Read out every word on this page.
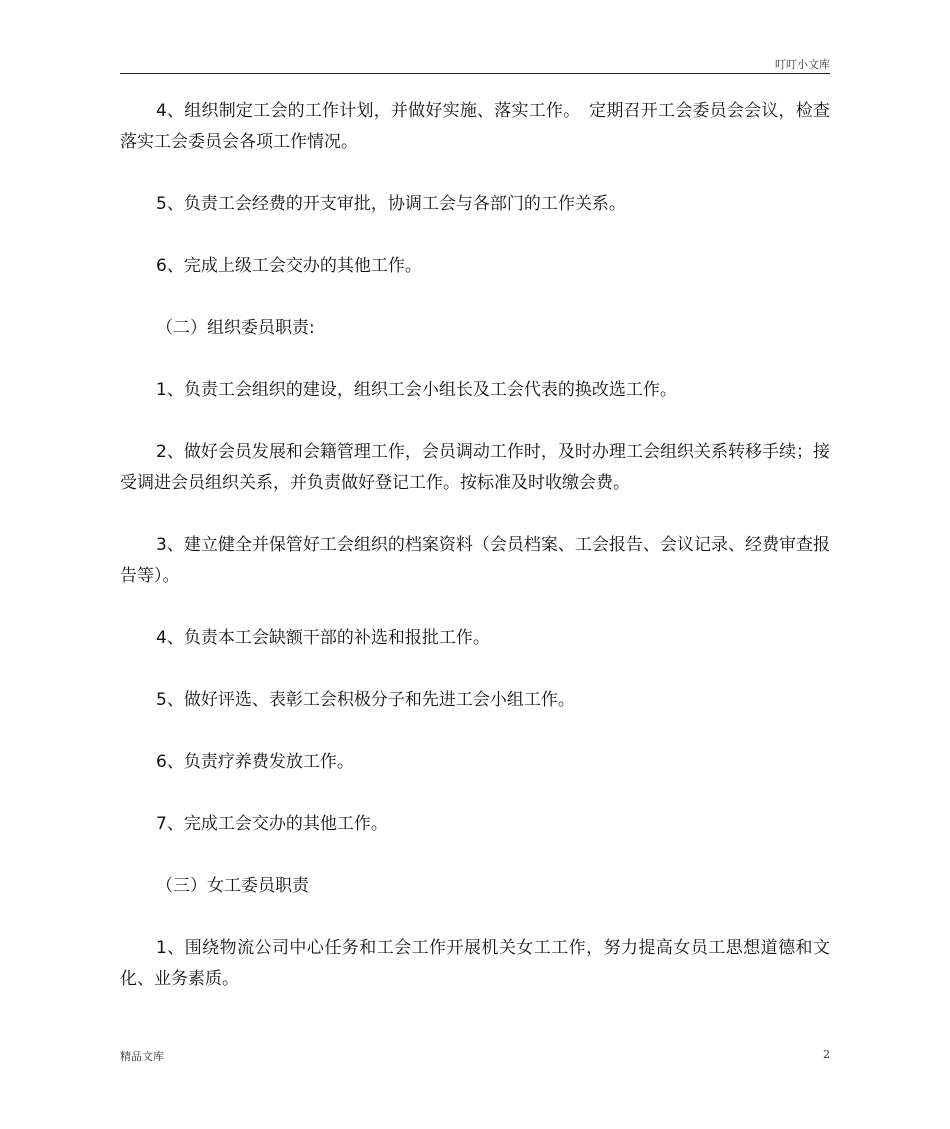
叮叮小文库

4、组织制定工会的工作计划，并做好实施、落实工作。　定期召开工会委员会会议，检查落实工会委员会各项工作情况。

5、负责工会经费的开支审批，协调工会与各部门的工作关系。

6、完成上级工会交办的其他工作。

（二）组织委员职责:

1、负责工会组织的建设，组织工会小组长及工会代表的换改选工作。

2、做好会员发展和会籍管理工作，会员调动工作时，及时办理工会组织关系转移手续；接受调进会员组织关系，并负责做好登记工作。按标准及时收缴会费。

3、建立健全并保管好工会组织的档案资料（会员档案、工会报告、会议记录、经费审查报告等）。

4、负责本工会缺额干部的补选和报批工作。

5、做好评选、表彰工会积极分子和先进工会小组工作。

6、负责疗养费发放工作。

7、完成工会交办的其他工作。

（三）女工委员职责

1、围绕物流公司中心任务和工会工作开展机关女工工作，努力提高女员工思想道德和文化、业务素质。

精品文库	2
